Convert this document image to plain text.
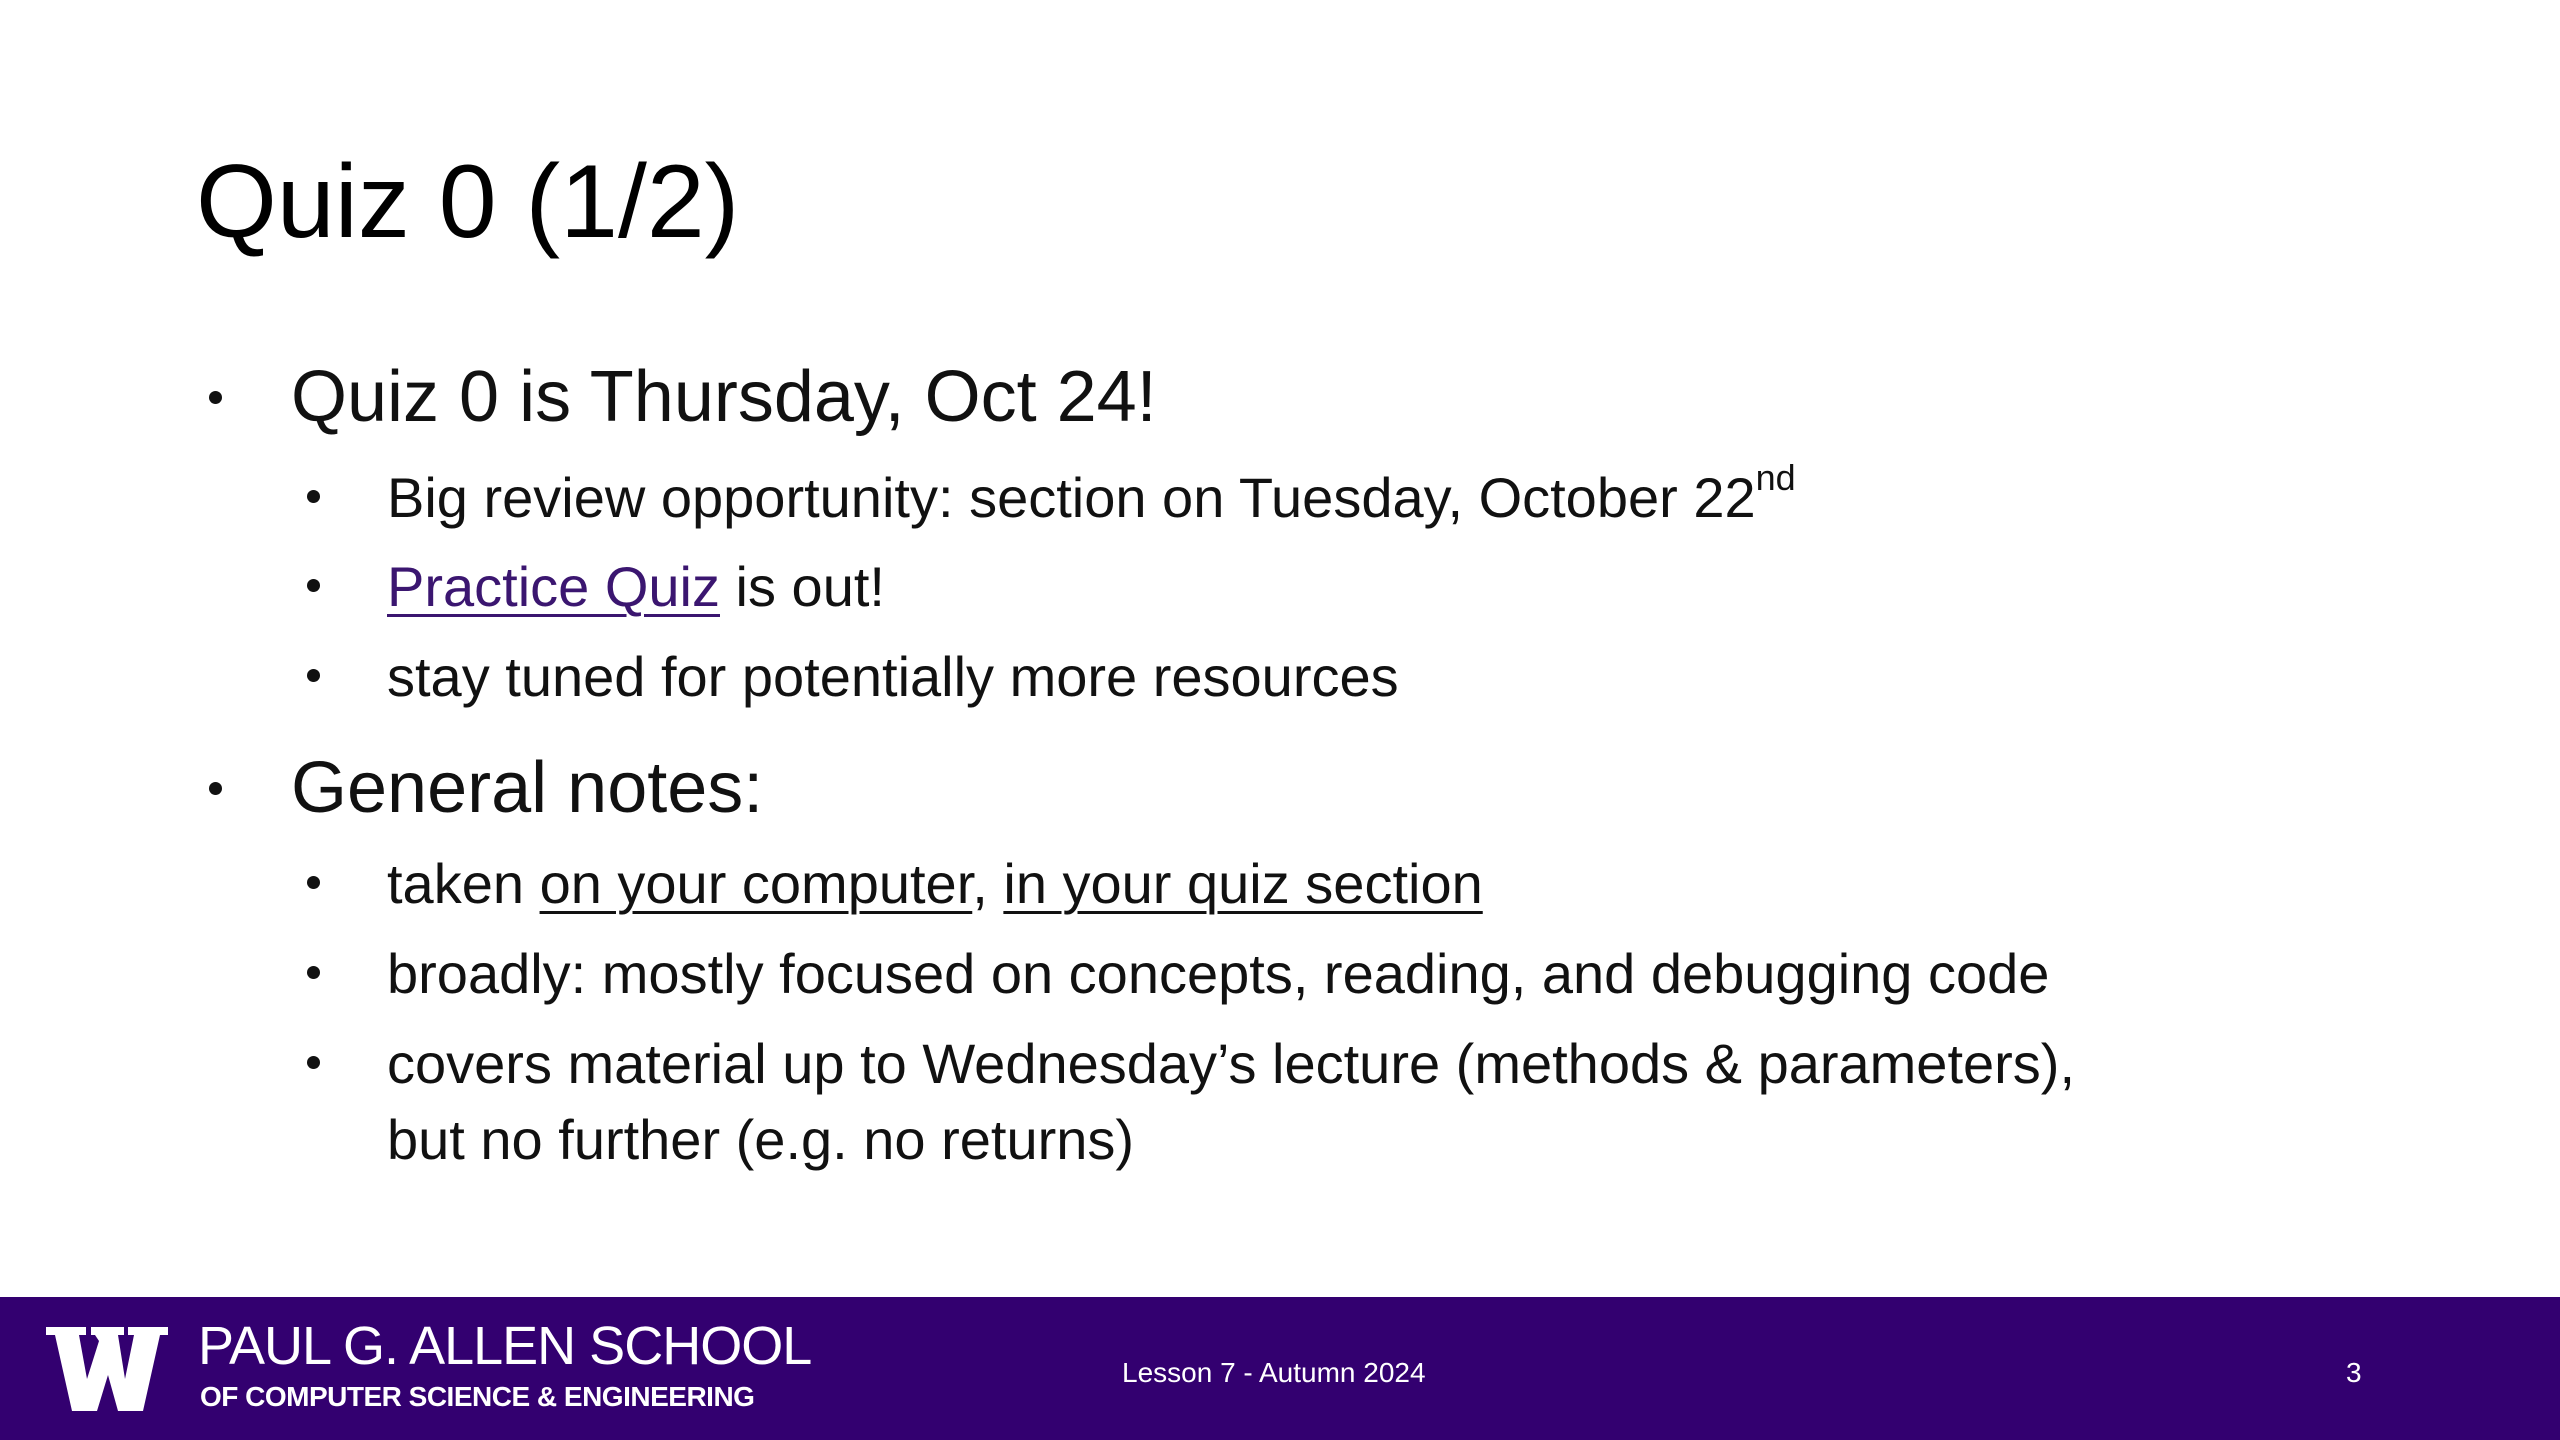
Quiz 0 (1/2)
Quiz 0 is Thursday, Oct 24!
Big review opportunity: section on Tuesday, October 22nd
Practice Quiz is out!
stay tuned for potentially more resources
General notes:
taken on your computer, in your quiz section
broadly: mostly focused on concepts, reading, and debugging code
covers material up to Wednesday’s lecture (methods & parameters),
but no further (e.g. no returns)
PAUL G. ALLEN SCHOOL
OF COMPUTER SCIENCE & ENGINEERING
Lesson 7 - Autumn 2024	3
